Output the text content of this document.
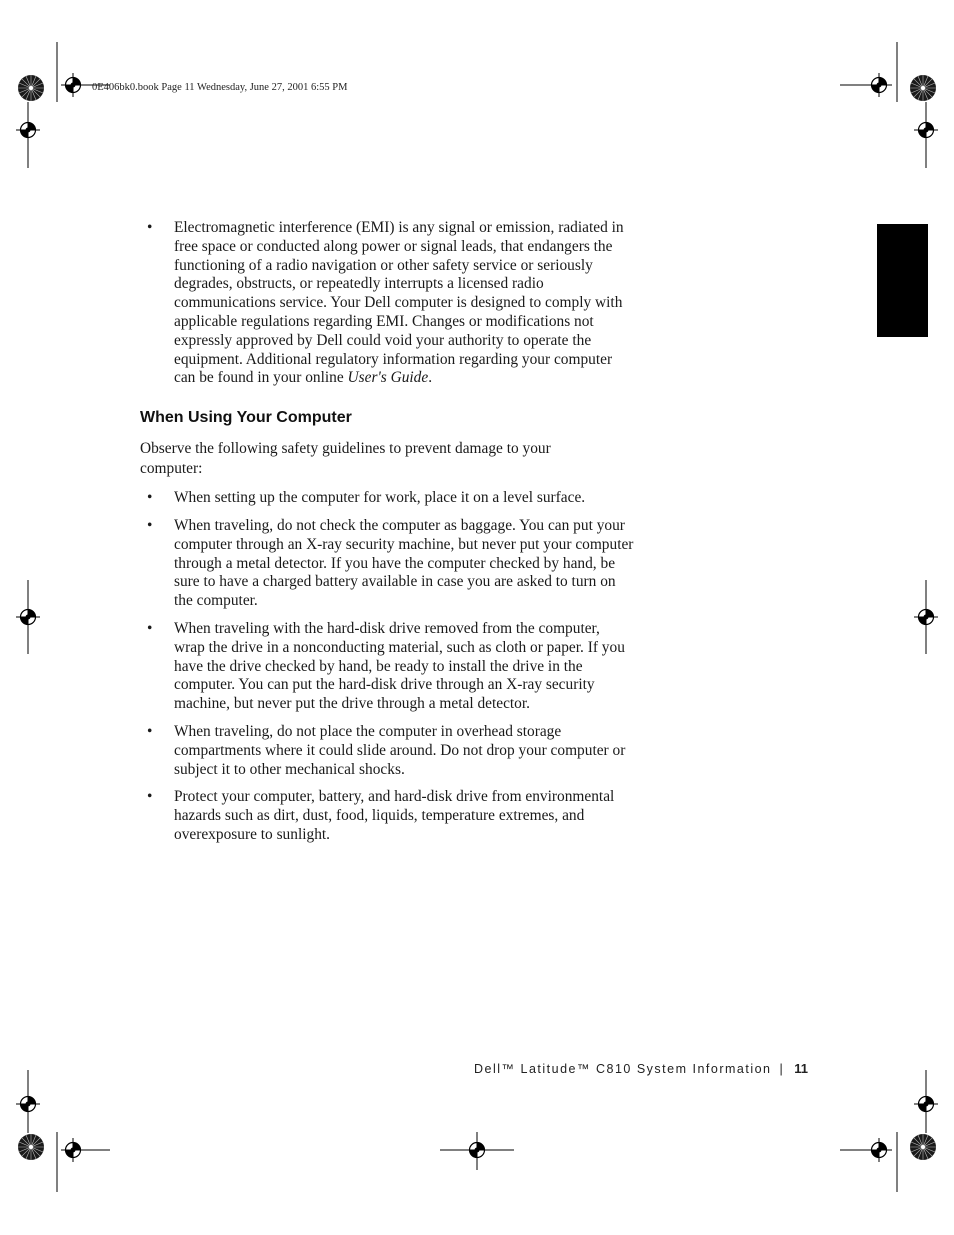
0E406bk0.book Page 11 Wednesday, June 27, 2001 6:55 PM
• Electromagnetic interference (EMI) is any signal or emission, radiated in free space or conducted along power or signal leads, that endangers the functioning of a radio navigation or other safety service or seriously degrades, obstructs, or repeatedly interrupts a licensed radio communications service. Your Dell computer is designed to comply with applicable regulations regarding EMI. Changes or modifications not expressly approved by Dell could void your authority to operate the equipment. Additional regulatory information regarding your computer can be found in your online User's Guide.
When Using Your Computer

Observe the following safety guidelines to prevent damage to your computer:

• When setting up the computer for work, place it on a level surface.
• When traveling, do not check the computer as baggage. You can put your computer through an X-ray security machine, but never put your computer through a metal detector. If you have the computer checked by hand, be sure to have a charged battery available in case you are asked to turn on the computer.
• When traveling with the hard-disk drive removed from the computer, wrap the drive in a nonconducting material, such as cloth or paper. If you have the drive checked by hand, be ready to install the drive in the computer. You can put the hard-disk drive through an X-ray security machine, but never put the drive through a metal detector.
• When traveling, do not place the computer in overhead storage compartments where it could slide around. Do not drop your computer or subject it to other mechanical shocks.
• Protect your computer, battery, and hard-disk drive from environmental hazards such as dirt, dust, food, liquids, temperature extremes, and overexposure to sunlight.
Dell™ Latitude™ C810 System Information | 11
